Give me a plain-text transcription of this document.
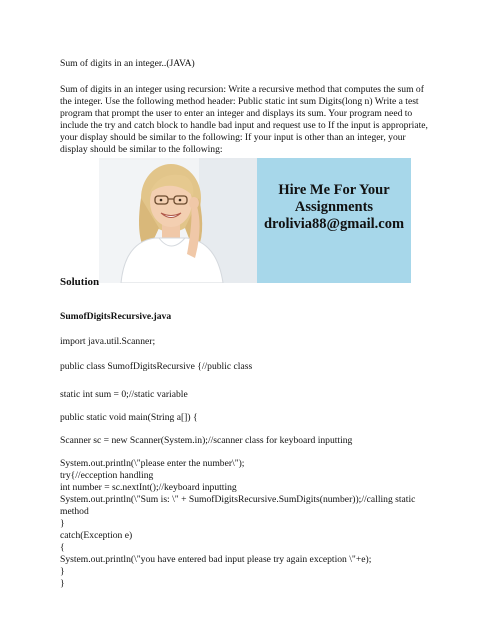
Sum of digits in an integer..(JAVA)
Sum of digits in an integer using recursion: Write a recursive method that computes the sum of the integer. Use the following method header: Public static int sum Digits(long n) Write a test program that prompt the user to enter an integer and displays its sum. Your program need to include the try and catch block to handle bad input and request use to If the input is appropriate, your display should be similar to the following: If your input is other than an integer, your display should be similar to the following:
Hire Me For Your
Assignments
drolivia88@gmail.com
Solution
SumofDigitsRecursive.java
import java.util.Scanner;
public class SumofDigitsRecursive {//public class
static int sum = 0;//static variable
public static void main(String a[]) {
Scanner sc = new Scanner(System.in);//scanner class for keyboard inputting
System.out.println(\"please enter the number\");
try{//ecception handling
int number = sc.nextInt();//keyboard inputting
System.out.println(\"Sum is: \" + SumofDigitsRecursive.SumDigits(number));//calling static
method
}
catch(Exception e)
{
System.out.println(\"you have entered bad input please try again exception \"+e);
}
}
